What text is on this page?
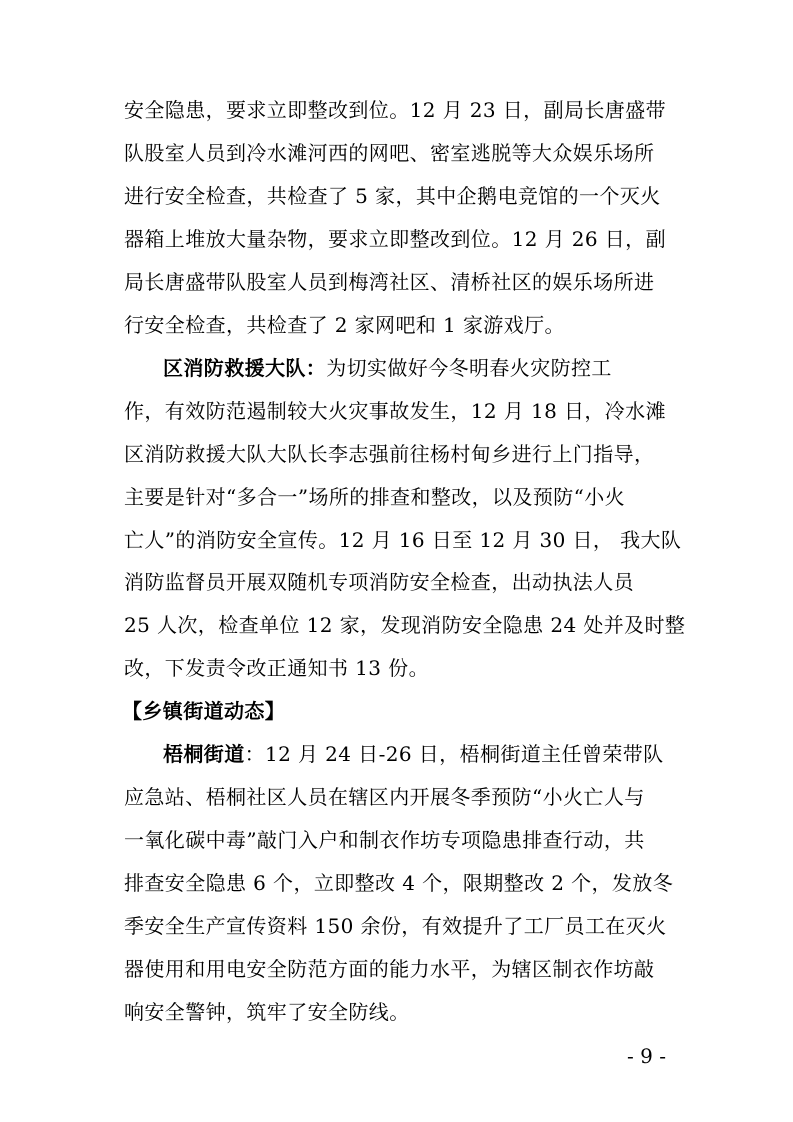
安全隐患，要求立即整改到位。12 月 23 日，副局长唐盛带
队股室人员到冷水滩河西的网吧、密室逃脱等大众娱乐场所
进行安全检查，共检查了 5 家，其中企鹅电竞馆的一个灭火
器箱上堆放大量杂物，要求立即整改到位。12 月 26 日，副
局长唐盛带队股室人员到梅湾社区、清桥社区的娱乐场所进
行安全检查，共检查了 2 家网吧和 1 家游戏厅。
区消防救援大队：为切实做好今冬明春火灾防控工
作，有效防范遏制较大火灾事故发生，12 月 18 日，冷水滩
区消防救援大队大队长李志强前往杨村甸乡进行上门指导，
主要是针对“多合一”场所的排查和整改，以及预防“小火
亡人”的消防安全宣传。12 月 16 日至 12 月 30 日， 我大队
消防监督员开展双随机专项消防安全检查，出动执法人员
25 人次，检查单位 12 家，发现消防安全隐患 24 处并及时整
改，下发责令改正通知书 13 份。
【乡镇街道动态】
梧桐街道：12 月 24 日-26 日，梧桐街道主任曾荣带队
应急站、梧桐社区人员在辖区内开展冬季预防“小火亡人与
一氧化碳中毒”敲门入户和制衣作坊专项隐患排查行动，共
排查安全隐患 6 个，立即整改 4 个，限期整改 2 个，发放冬
季安全生产宣传资料 150 余份，有效提升了工厂员工在灭火
器使用和用电安全防范方面的能力水平，为辖区制衣作坊敲
响安全警钟，筑牢了安全防线。
- 9 -
